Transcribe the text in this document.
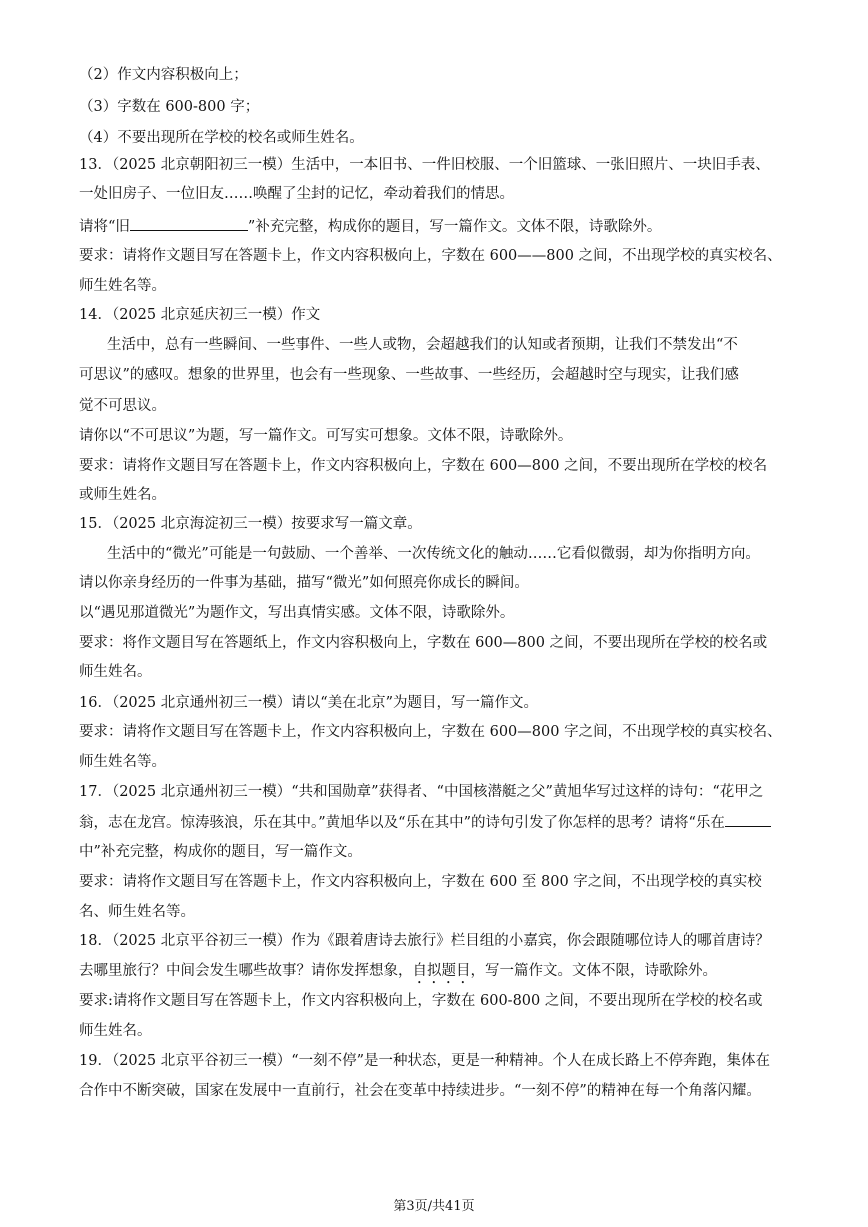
（2）作文内容积极向上；
（3）字数在 600-800 字；
（4）不要出现所在学校的校名或师生姓名。
13．（2025 北京朝阳初三一模）生活中，一本旧书、一件旧校服、一个旧篮球、一张旧照片、一块旧手表、
一处旧房子、一位旧友……唤醒了尘封的记忆，牵动着我们的情思。
请将“旧	”补充完整，构成你的题目，写一篇作文。文体不限，诗歌除外。
要求：请将作文题目写在答题卡上，作文内容积极向上，字数在 600——800 之间，不出现学校的真实校名、
师生姓名等。
14．（2025 北京延庆初三一模）作文
生活中，总有一些瞬间、一些事件、一些人或物，会超越我们的认知或者预期，让我们不禁发出“不
可思议”的感叹。想象的世界里，也会有一些现象、一些故事、一些经历，会超越时空与现实，让我们感
觉不可思议。
请你以“不可思议”为题，写一篇作文。可写实可想象。文体不限，诗歌除外。
要求：请将作文题目写在答题卡上，作文内容积极向上，字数在 600—800 之间，不要出现所在学校的校名
或师生姓名。
15．（2025 北京海淀初三一模）按要求写一篇文章。
生活中的“微光”可能是一句鼓励、一个善举、一次传统文化的触动……它看似微弱，却为你指明方向。
请以你亲身经历的一件事为基础，描写“微光”如何照亮你成长的瞬间。
以“遇见那道微光”为题作文，写出真情实感。文体不限，诗歌除外。
要求：将作文题目写在答题纸上，作文内容积极向上，字数在 600—800 之间，不要出现所在学校的校名或
师生姓名。
16．（2025 北京通州初三一模）请以“美在北京”为题目，写一篇作文。
要求：请将作文题目写在答题卡上，作文内容积极向上，字数在 600—800 字之间，不出现学校的真实校名、
师生姓名等。
17．（2025 北京通州初三一模）“共和国勋章”获得者、“中国核潜艇之父”黄旭华写过这样的诗句：“花甲之
翁，志在龙宫。惊涛骇浪，乐在其中。”黄旭华以及“乐在其中”的诗句引发了你怎样的思考？请将“乐在
中”补充完整，构成你的题目，写一篇作文。
要求：请将作文题目写在答题卡上，作文内容积极向上，字数在 600 至 800 字之间，不出现学校的真实校
名、师生姓名等。
18．（2025 北京平谷初三一模）作为《跟着唐诗去旅行》栏目组的小嘉宾，你会跟随哪位诗人的哪首唐诗？
去哪里旅行？中间会发生哪些故事？请你发挥想象，自拟题目，写一篇作文。文体不限，诗歌除外。
要求:请将作文题目写在答题卡上，作文内容积极向上，字数在 600-800 之间，不要出现所在学校的校名或
师生姓名。
19．（2025 北京平谷初三一模）“一刻不停”是一种状态，更是一种精神。个人在成长路上不停奔跑，集体在
合作中不断突破，国家在发展中一直前行，社会在变革中持续进步。“一刻不停”的精神在每一个角落闪耀。
第3页/共41页
